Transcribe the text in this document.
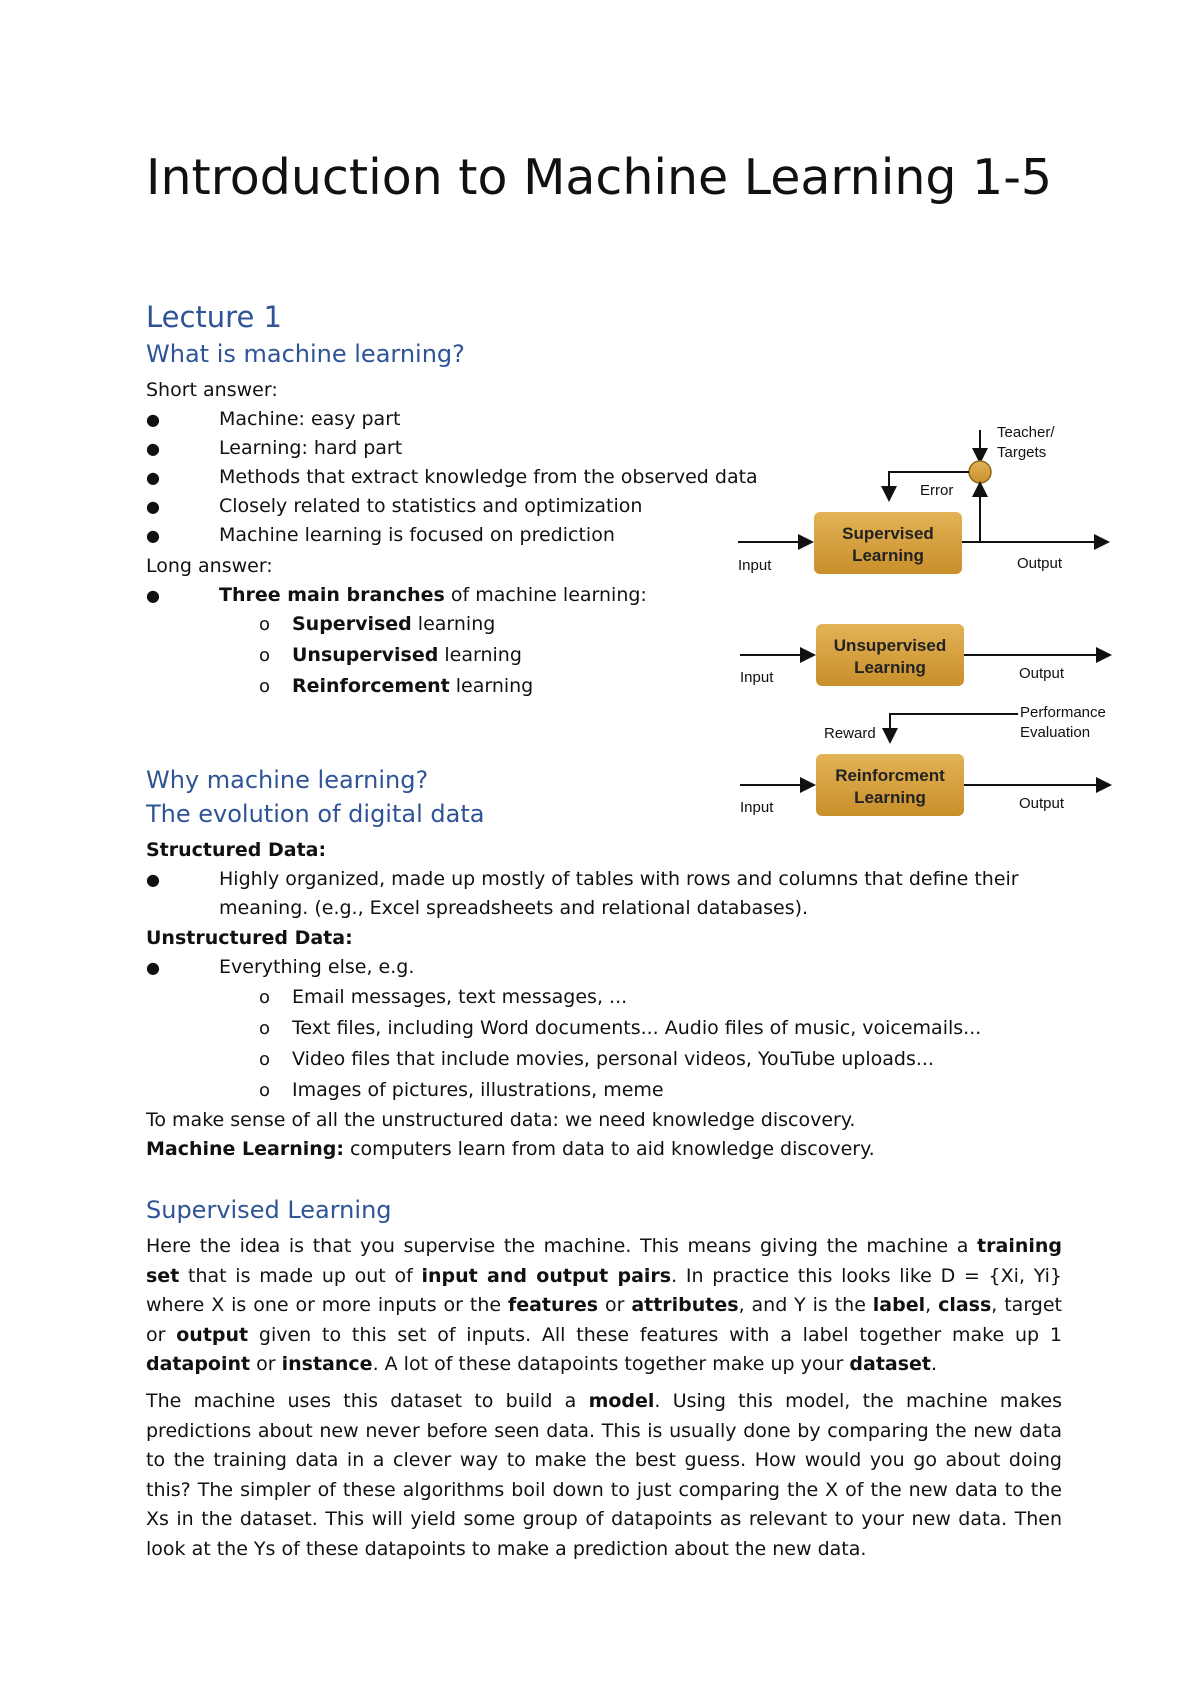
Introduction to Machine Learning 1-5
Lecture 1
What is machine learning?
Short answer:
●	Machine: easy part
●	Learning: hard part
●	Methods that extract knowledge from the observed data
●	Closely related to statistics and optimization
●	Machine learning is focused on prediction
Long answer:
●	Three main branches of machine learning:
o Supervised learning
o Unsupervised learning
o Reinforcement learning
Why machine learning?
The evolution of digital data
Structured Data:
●	Highly organized, made up mostly of tables with rows and columns that define their meaning. (e.g., Excel spreadsheets and relational databases).
Unstructured Data:
●	Everything else, e.g.
o Email messages, text messages, ...
o Text files, including Word documents... Audio files of music, voicemails...
o Video files that include movies, personal videos, YouTube uploads...
o Images of pictures, illustrations, meme
To make sense of all the unstructured data: we need knowledge discovery.
Machine Learning: computers learn from data to aid knowledge discovery.
Supervised Learning
Here the idea is that you supervise the machine. This means giving the machine a training set that is made up out of input and output pairs. In practice this looks like D = {Xi, Yi} where X is one or more inputs or the features or attributes, and Y is the label, class, target or output given to this set of inputs. All these features with a label together make up 1 datapoint or instance. A lot of these datapoints together make up your dataset.
The machine uses this dataset to build a model. Using this model, the machine makes predictions about new never before seen data. This is usually done by comparing the new data to the training data in a clever way to make the best guess. How would you go about doing this? The simpler of these algorithms boil down to just comparing the X of the new data to the Xs in the dataset. This will yield some group of datapoints as relevant to your new data. Then look at the Ys of these datapoints to make a prediction about the new data.
Teacher/
Targets
Error
Supervised
Learning
Input	Output
Unsupervised
Learning
Input	Output
Performance
Evaluation
Reward
Reinforcment
Learning
Input	Output
